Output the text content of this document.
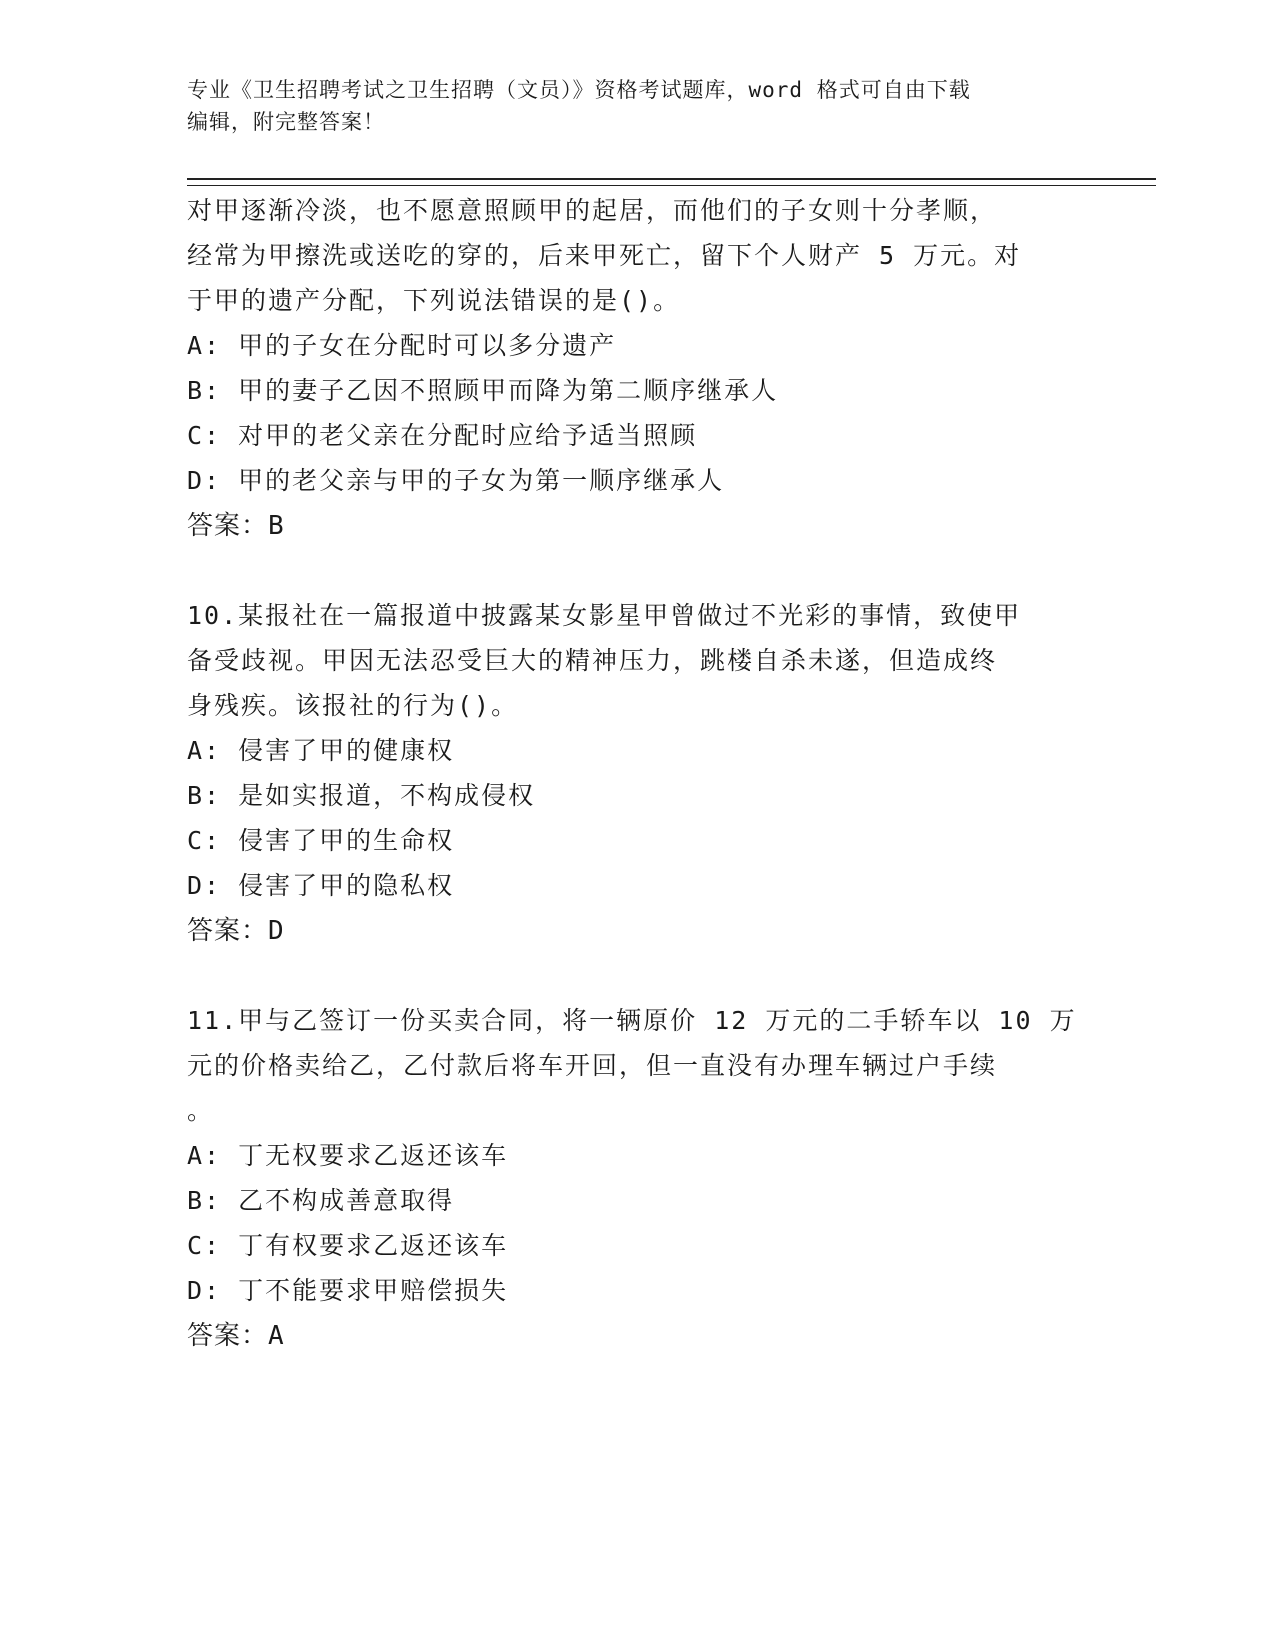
专业《卫生招聘考试之卫生招聘（文员）》资格考试题库，word 格式可自由下载
编辑，附完整答案！

对甲逐渐冷淡，也不愿意照顾甲的起居，而他们的子女则十分孝顺，

经常为甲擦洗或送吃的穿的，后来甲死亡，留下个人财产 5 万元。对

于甲的遗产分配，下列说法错误的是()。

A: 甲的子女在分配时可以多分遗产

B: 甲的妻子乙因不照顾甲而降为第二顺序继承人

C: 对甲的老父亲在分配时应给予适当照顾

D: 甲的老父亲与甲的子女为第一顺序继承人

答案：B

10.某报社在一篇报道中披露某女影星甲曾做过不光彩的事情，致使甲

备受歧视。甲因无法忍受巨大的精神压力，跳楼自杀未遂，但造成终

身残疾。该报社的行为()。

A: 侵害了甲的健康权

B: 是如实报道，不构成侵权

C: 侵害了甲的生命权

D: 侵害了甲的隐私权

答案：D

11.甲与乙签订一份买卖合同，将一辆原价 12 万元的二手轿车以 10 万

元的价格卖给乙，乙付款后将车开回，但一直没有办理车辆过户手续

。

A: 丁无权要求乙返还该车

B: 乙不构成善意取得

C: 丁有权要求乙返还该车

D: 丁不能要求甲赔偿损失

答案：A
